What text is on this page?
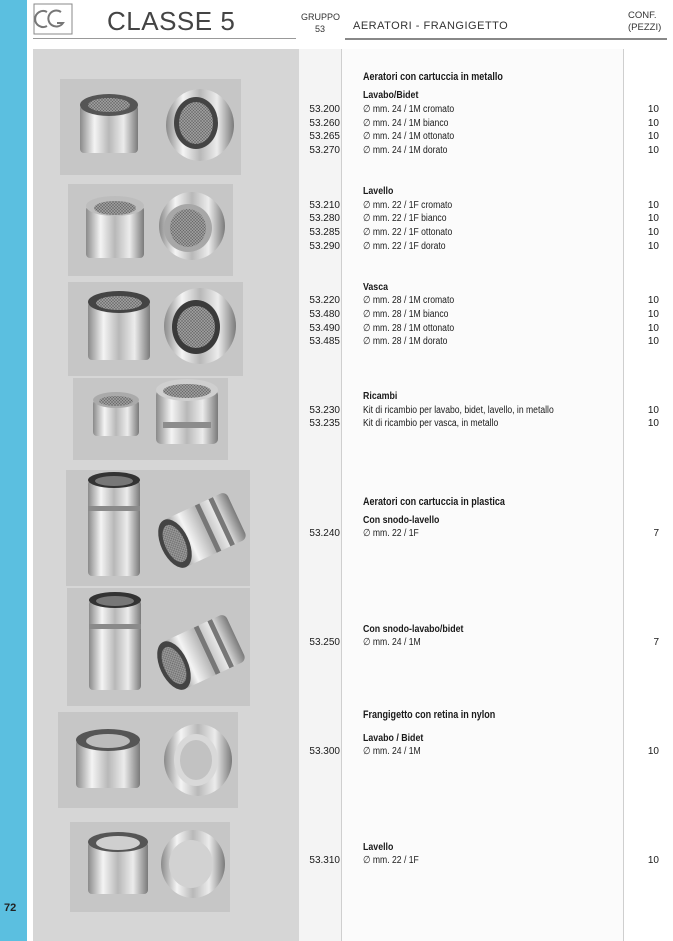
72
CLASSE 5	GRUPPO
53	AERATORI - FRANGIGETTO
CONF.
(PEZZI)
Aeratori con cartuccia in metallo
Lavabo/Bidet
53.200 ∅ mm. 24 / 1M cromato	10
53.260 ∅ mm. 24 / 1M bianco	10
53.265 ∅ mm. 24 / 1M ottonato	10
53.270 ∅ mm. 24 / 1M dorato	10
Lavello
53.210 ∅ mm. 22 / 1F cromato	10
53.280 ∅ mm. 22 / 1F bianco	10
53.285 ∅ mm. 22 / 1F ottonato	10
53.290 ∅ mm. 22 / 1F dorato	10
Vasca
53.220 ∅ mm. 28 / 1M cromato	10
53.480 ∅ mm. 28 / 1M bianco	10
53.490 ∅ mm. 28 / 1M ottonato	10
53.485 ∅ mm. 28 / 1M dorato	10
Ricambi
53.230 Kit di ricambio per lavabo, bidet, lavello, in metallo	10
53.235 Kit di ricambio per vasca, in metallo	10
Aeratori con cartuccia in plastica
Con snodo-lavello
53.240 ∅ mm. 22 / 1F	7
Con snodo-lavabo/bidet
53.250 ∅ mm. 24 / 1M	7
Frangigetto con retina in nylon
Lavabo / Bidet
53.300 ∅ mm. 24 / 1M	10
Lavello
53.310 ∅ mm. 22 / 1F	10
